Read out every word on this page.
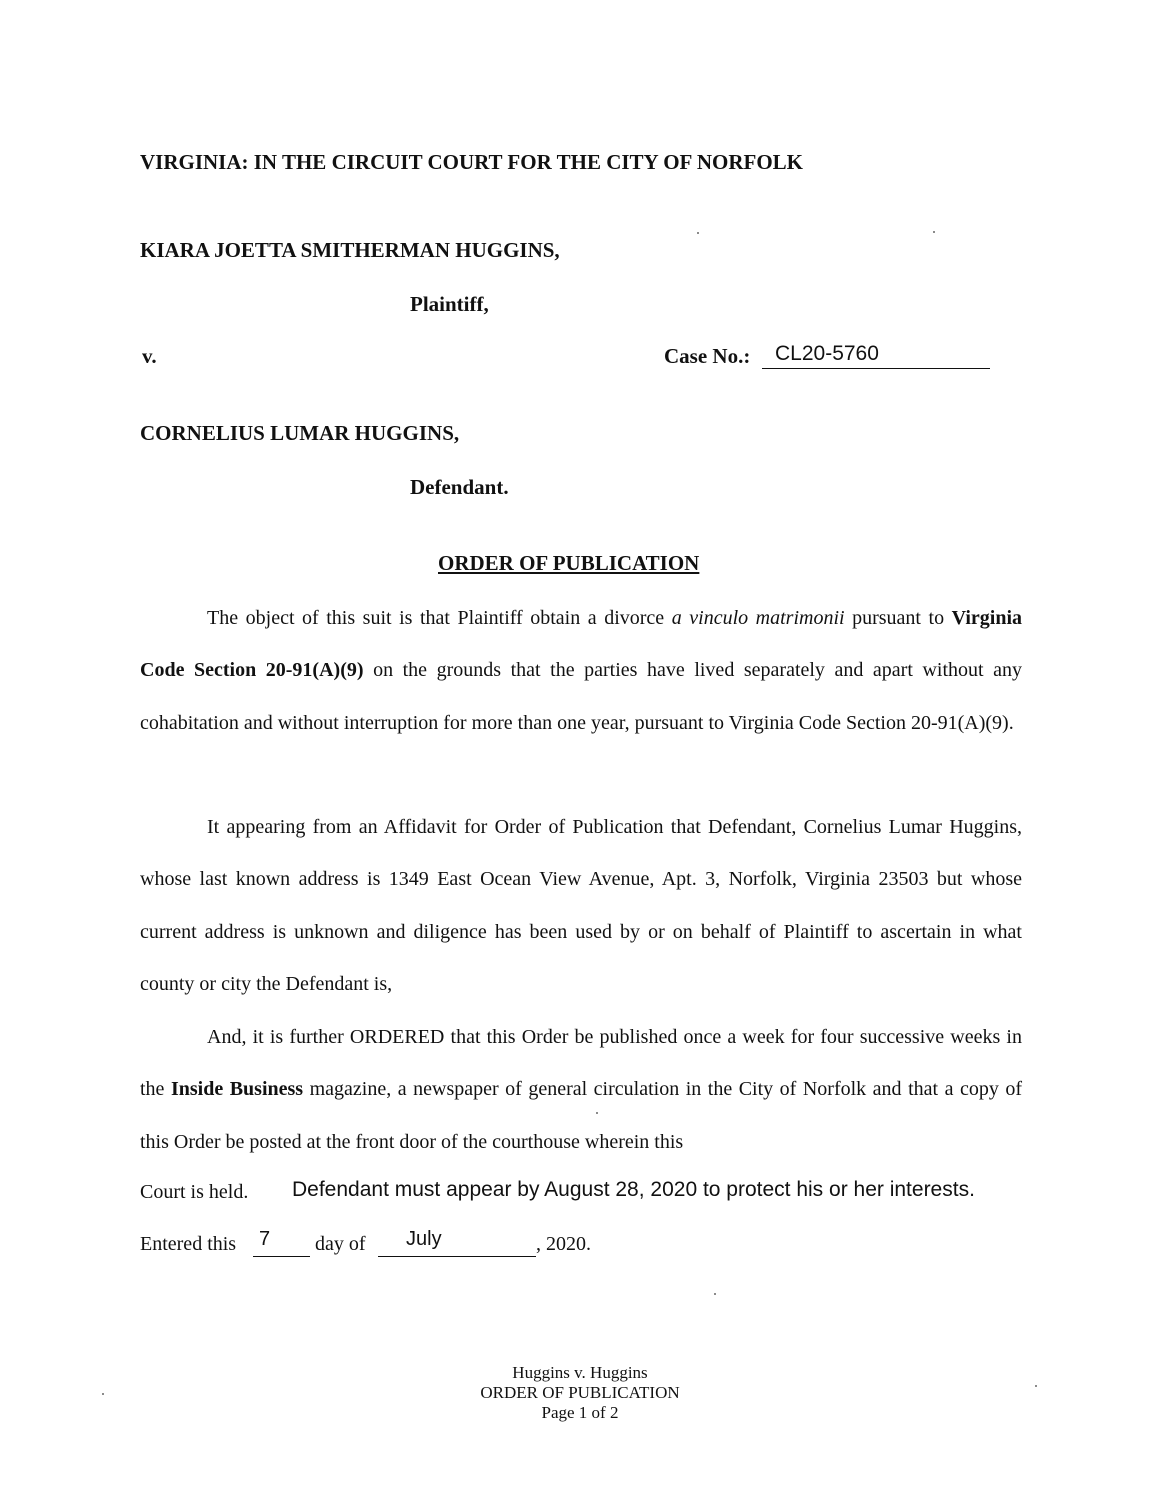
VIRGINIA: IN THE CIRCUIT COURT FOR THE CITY OF NORFOLK
KIARA JOETTA SMITHERMAN HUGGINS,
Plaintiff,
v.	Case No.: CL20-5760
CORNELIUS LUMAR HUGGINS,
Defendant.
ORDER OF PUBLICATION
The object of this suit is that Plaintiff obtain a divorce a vinculo matrimonii pursuant to Virginia Code Section 20-91(A)(9) on the grounds that the parties have lived separately and apart without any cohabitation and without interruption for more than one year, pursuant to Virginia Code Section 20-91(A)(9).
It appearing from an Affidavit for Order of Publication that Defendant, Cornelius Lumar Huggins, whose last known address is 1349 East Ocean View Avenue, Apt. 3, Norfolk, Virginia 23503 but whose current address is unknown and diligence has been used by or on behalf of Plaintiff to ascertain in what county or city the Defendant is,
And, it is further ORDERED that this Order be published once a week for four successive weeks in the Inside Business magazine, a newspaper of general circulation in the City of Norfolk and that a copy of this Order be posted at the front door of the courthouse wherein this
Court is held. Defendant must appear by August 28, 2020 to protect his or her interests.
Entered this 7 day of July	, 2020.
Huggins v. Huggins
ORDER OF PUBLICATION
Page 1 of 2
